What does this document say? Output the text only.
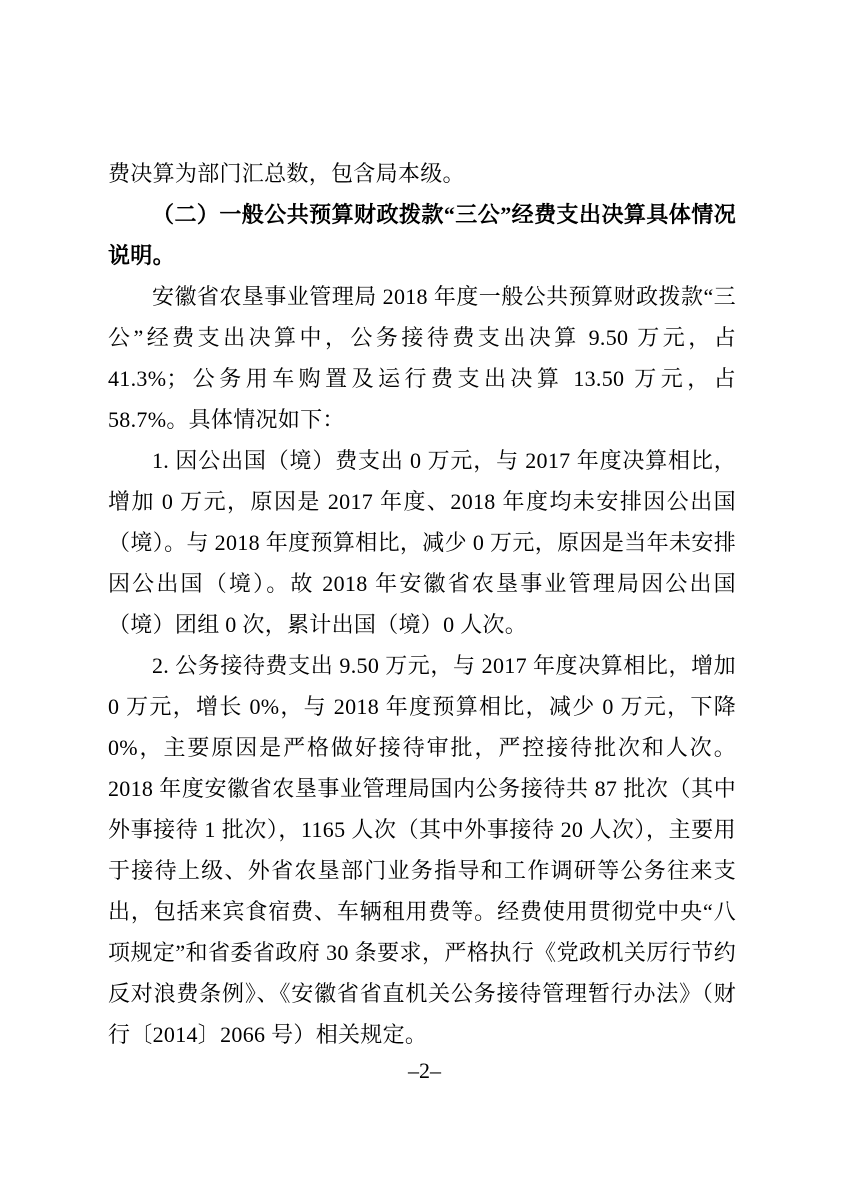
费决算为部门汇总数，包含局本级。

（二）一般公共预算财政拨款“三公”经费支出决算具体情况说明。

安徽省农垦事业管理局 2018 年度一般公共预算财政拨款“三公”经费支出决算中，公务接待费支出决算 9.50 万元，占 41.3%；公务用车购置及运行费支出决算 13.50 万元，占 58.7%。具体情况如下：

1. 因公出国（境）费支出 0 万元，与 2017 年度决算相比，增加 0 万元，原因是 2017 年度、2018 年度均未安排因公出国（境）。与 2018 年度预算相比，减少 0 万元，原因是当年未安排因公出国（境）。故 2018 年安徽省农垦事业管理局因公出国（境）团组 0 次，累计出国（境）0 人次。

2. 公务接待费支出 9.50 万元，与 2017 年度决算相比，增加 0 万元，增长 0%，与 2018 年度预算相比，减少 0 万元，下降 0%，主要原因是严格做好接待审批，严控接待批次和人次。2018 年度安徽省农垦事业管理局国内公务接待共 87 批次（其中外事接待 1 批次），1165 人次（其中外事接待 20 人次），主要用于接待上级、外省农垦部门业务指导和工作调研等公务往来支出，包括来宾食宿费、车辆租用费等。经费使用贯彻党中央“八项规定”和省委省政府 30 条要求，严格执行《党政机关厉行节约反对浪费条例》、《安徽省省直机关公务接待管理暂行办法》（财行〔2014〕2066 号）相关规定。

–2–
